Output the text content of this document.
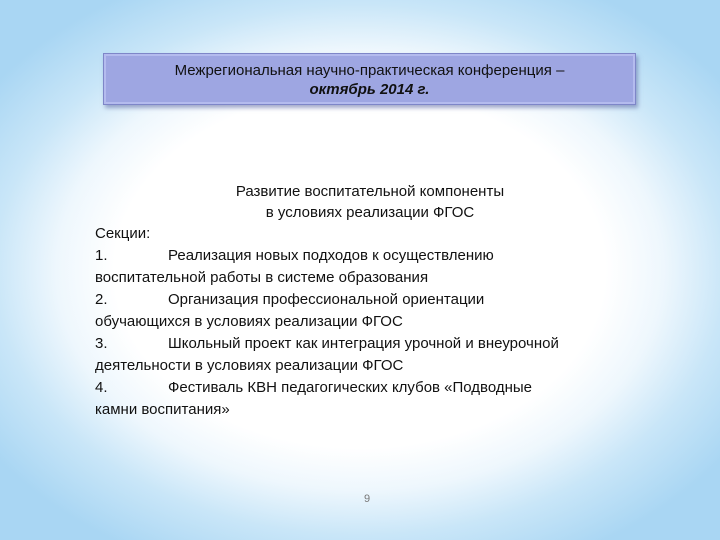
Межрегиональная научно-практическая конференция –
октябрь 2014 г.
Развитие воспитательной компоненты
в условиях реализации ФГОС
Секции:
1.	Реализация новых подходов к осуществлению
воспитательной работы в системе образования
2.	Организация профессиональной ориентации
обучающихся в условиях реализации ФГОС
3.	Школьный проект как интеграция урочной и внеурочной
деятельности в условиях реализации ФГОС
4.	Фестиваль КВН педагогических клубов «Подводные
камни воспитания»
9
